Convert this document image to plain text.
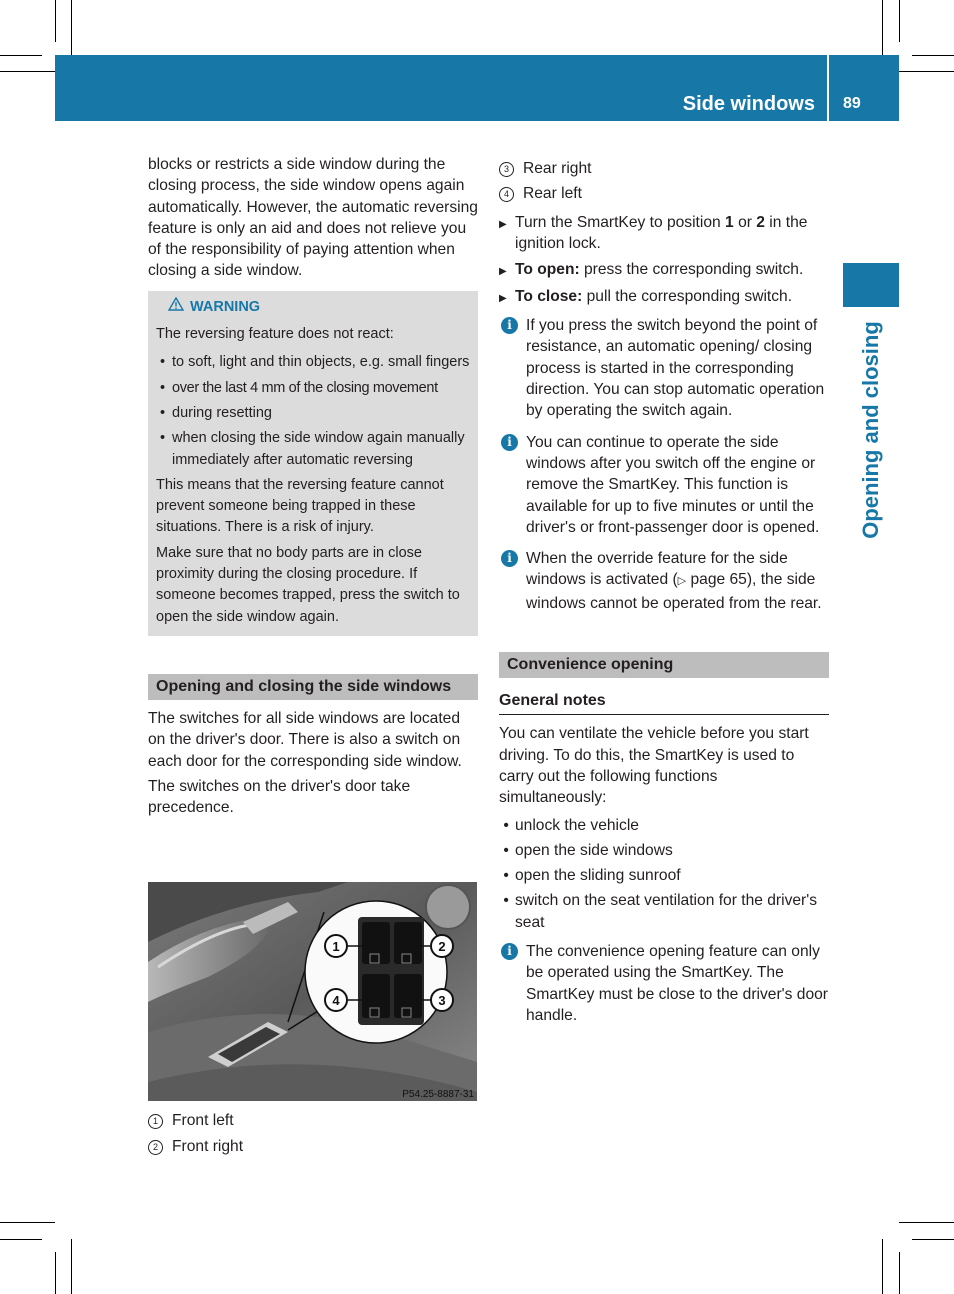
Side windows 89
Opening and closing

blocks or restricts a side window during the closing process, the side window opens again automatically. However, the automatic reversing feature is only an aid and does not relieve you of the responsibility of paying attention when closing a side window.

WARNING

The reversing feature does not react:

• to soft, light and thin objects, e.g. small fingers
• over the last 4 mm of the closing movement
• during resetting
• when closing the side window again manually immediately after automatic reversing

This means that the reversing feature cannot prevent someone being trapped in these situations. There is a risk of injury.

Make sure that no body parts are in close proximity during the closing procedure. If someone becomes trapped, press the switch to open the side window again.

Opening and closing the side windows

The switches for all side windows are located on the driver's door. There is also a switch on each door for the corresponding side window.

The switches on the driver's door take precedence.

1	2
3
4
P54.25-8887-31
1 Front left
2 Front right
3 Rear right
4 Rear left
▶ Turn the SmartKey to position 1 or 2 in the ignition lock.
▶ To open: press the corresponding switch.
▶ To close: pull the corresponding switch.
i If you press the switch beyond the point of resistance, an automatic opening/ closing process is started in the corresponding direction. You can stop automatic operation by operating the switch again.
i You can continue to operate the side windows after you switch off the engine or remove the SmartKey. This function is available for up to five minutes or until the driver's or front-passenger door is opened.
i When the override feature for the side windows is activated (▷ page 65), the side windows cannot be operated from the rear.
Convenience opening
General notes

You can ventilate the vehicle before you start driving. To do this, the SmartKey is used to carry out the following functions simultaneously:

• unlock the vehicle
• open the side windows
• open the sliding sunroof
• switch on the seat ventilation for the driver's seat
i The convenience opening feature can only be operated using the SmartKey. The SmartKey must be close to the driver's door handle.
